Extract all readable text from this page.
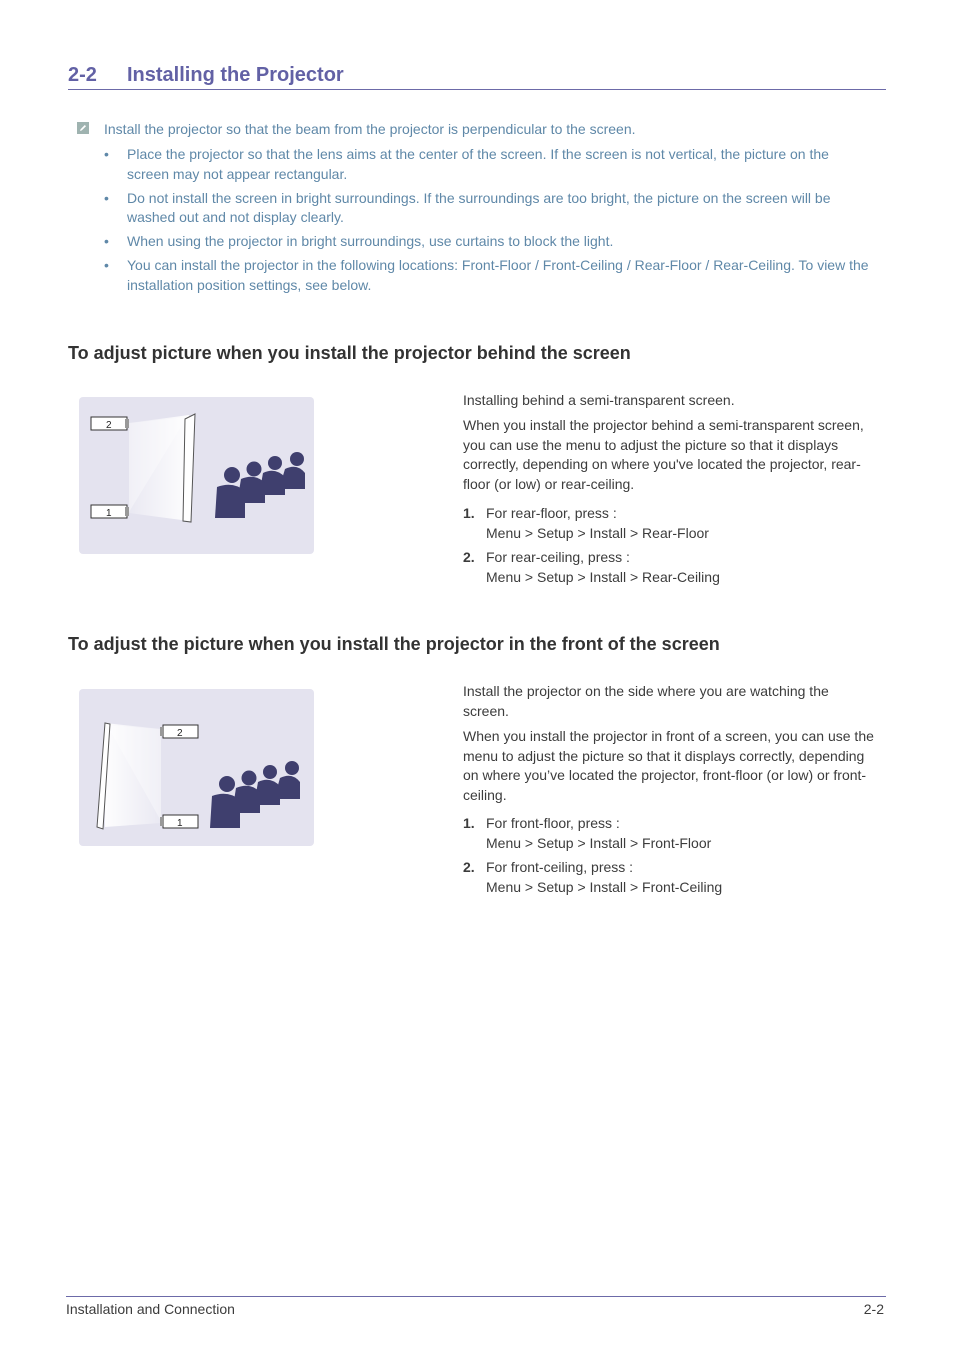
2-2 Installing the Projector
Install the projector so that the beam from the projector is perpendicular to the screen.
• Place the projector so that the lens aims at the center of the screen. If the screen is not vertical, the picture on the screen may not appear rectangular.
• Do not install the screen in bright surroundings. If the surroundings are too bright, the picture on the screen will be washed out and not display clearly.
• When using the projector in bright surroundings, use curtains to block the light.
• You can install the projector in the following locations: Front-Floor / Front-Ceiling / Rear-Floor / Rear-Ceiling. To view the installation position settings, see below.
To adjust picture when you install the projector behind the screen
2
1
Installing behind a semi-transparent screen.
When you install the projector behind a semi-transparent screen, you can use the menu to adjust the picture so that it displays correctly, depending on where you've located the projector, rear-floor (or low) or rear-ceiling.
1. For rear-floor, press :
Menu > Setup > Install > Rear-Floor
2. For rear-ceiling, press :
Menu > Setup > Install > Rear-Ceiling
To adjust the picture when you install the projector in the front of the screen
2
1
Install the projector on the side where you are watching the screen.
When you install the projector in front of a screen, you can use the menu to adjust the picture so that it displays correctly, depending on where you’ve located the projector, front-floor (or low) or front-ceiling.
1. For front-floor, press :
Menu > Setup > Install > Front-Floor
2. For front-ceiling, press :
Menu > Setup > Install > Front-Ceiling
Installation and Connection	2-2
